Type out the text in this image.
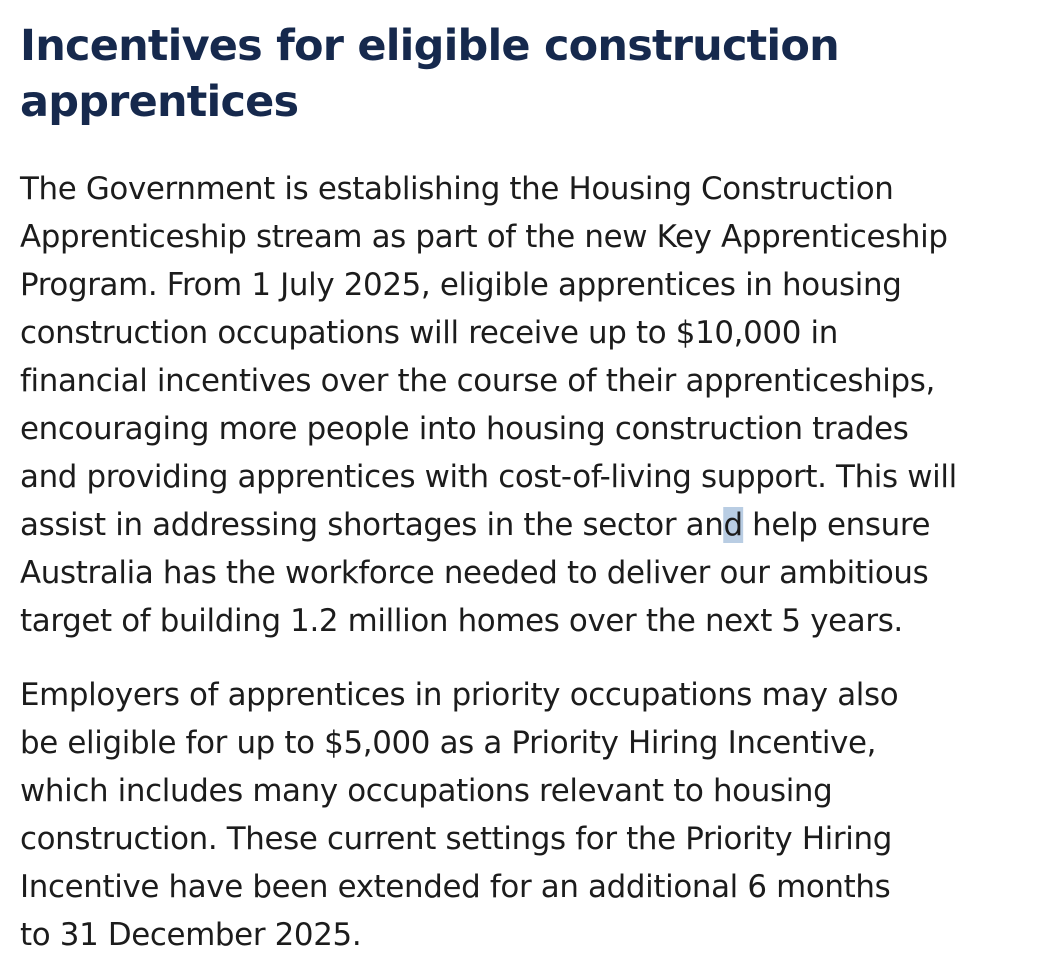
Incentives for eligible construction apprentices

The Government is establishing the Housing Construction Apprenticeship stream as part of the new Key Apprenticeship Program. From 1 July 2025, eligible apprentices in housing construction occupations will receive up to $10,000 in financial incentives over the course of their apprenticeships, encouraging more people into housing construction trades and providing apprentices with cost-of-living support. This will assist in addressing shortages in the sector and help ensure Australia has the workforce needed to deliver our ambitious target of building 1.2 million homes over the next 5 years.

Employers of apprentices in priority occupations may also be eligible for up to $5,000 as a Priority Hiring Incentive, which includes many occupations relevant to housing construction. These current settings for the Priority Hiring Incentive have been extended for an additional 6 months to 31 December 2025.
